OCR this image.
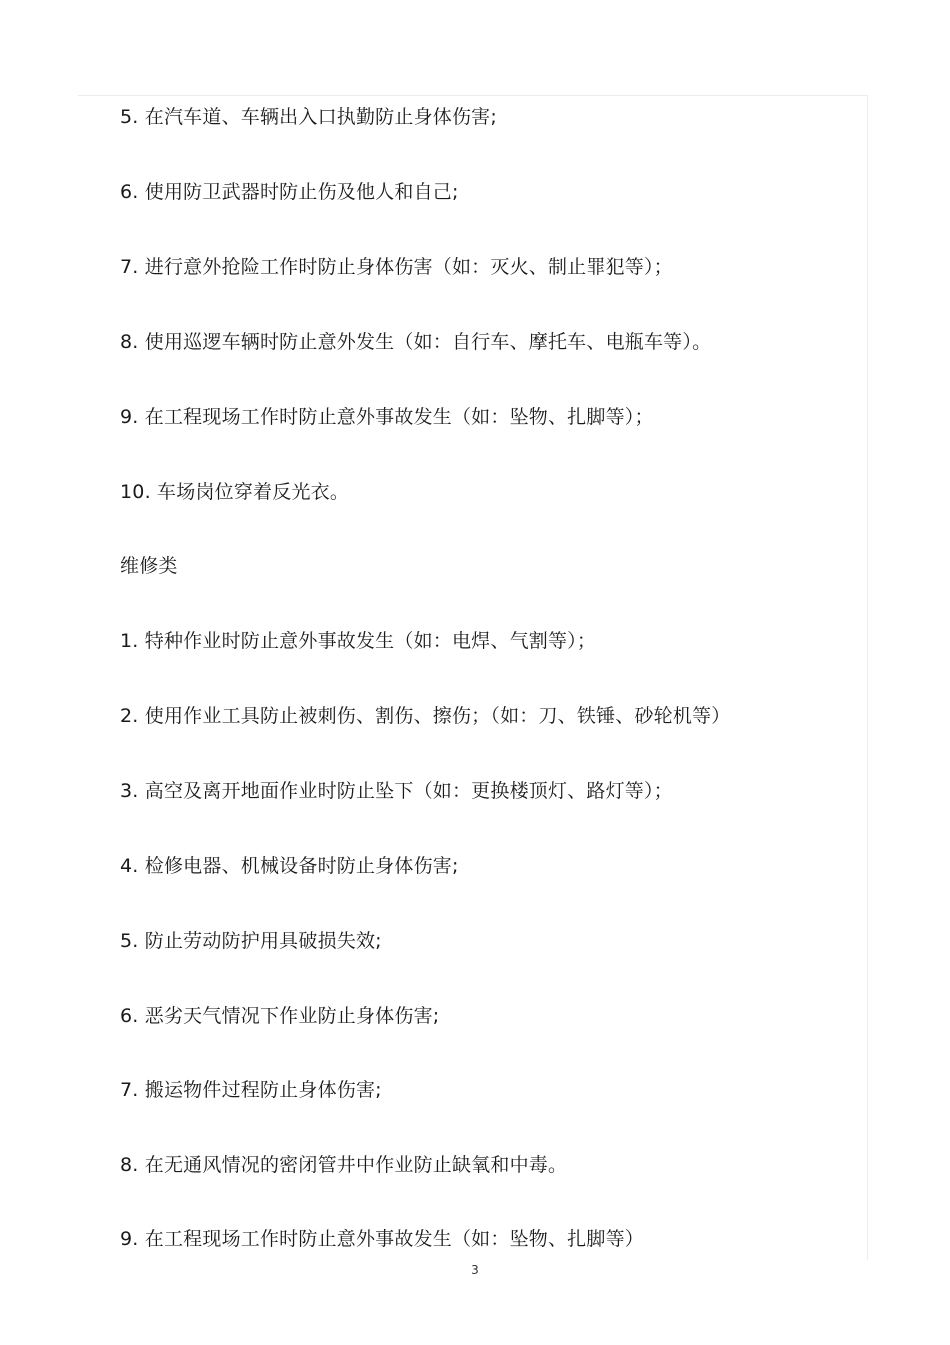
5. 在汽车道、车辆出入口执勤防止身体伤害;
6. 使用防卫武器时防止伤及他人和自己;
7. 进行意外抢险工作时防止身体伤害（如：灭火、制止罪犯等）；
8. 使用巡逻车辆时防止意外发生（如：自行车、摩托车、电瓶车等）。
9. 在工程现场工作时防止意外事故发生（如：坠物、扎脚等）；
10. 车场岗位穿着反光衣。
维修类
1. 特种作业时防止意外事故发生（如：电焊、气割等）；
2. 使用作业工具防止被刺伤、割伤、擦伤；（如：刀、铁锤、砂轮机等）
3. 高空及离开地面作业时防止坠下（如：更换楼顶灯、路灯等）；
4. 检修电器、机械设备时防止身体伤害;
5. 防止劳动防护用具破损失效;
6. 恶劣天气情况下作业防止身体伤害;
7. 搬运物件过程防止身体伤害;
8. 在无通风情况的密闭管井中作业防止缺氧和中毒。
9. 在工程现场工作时防止意外事故发生（如：坠物、扎脚等）
3
